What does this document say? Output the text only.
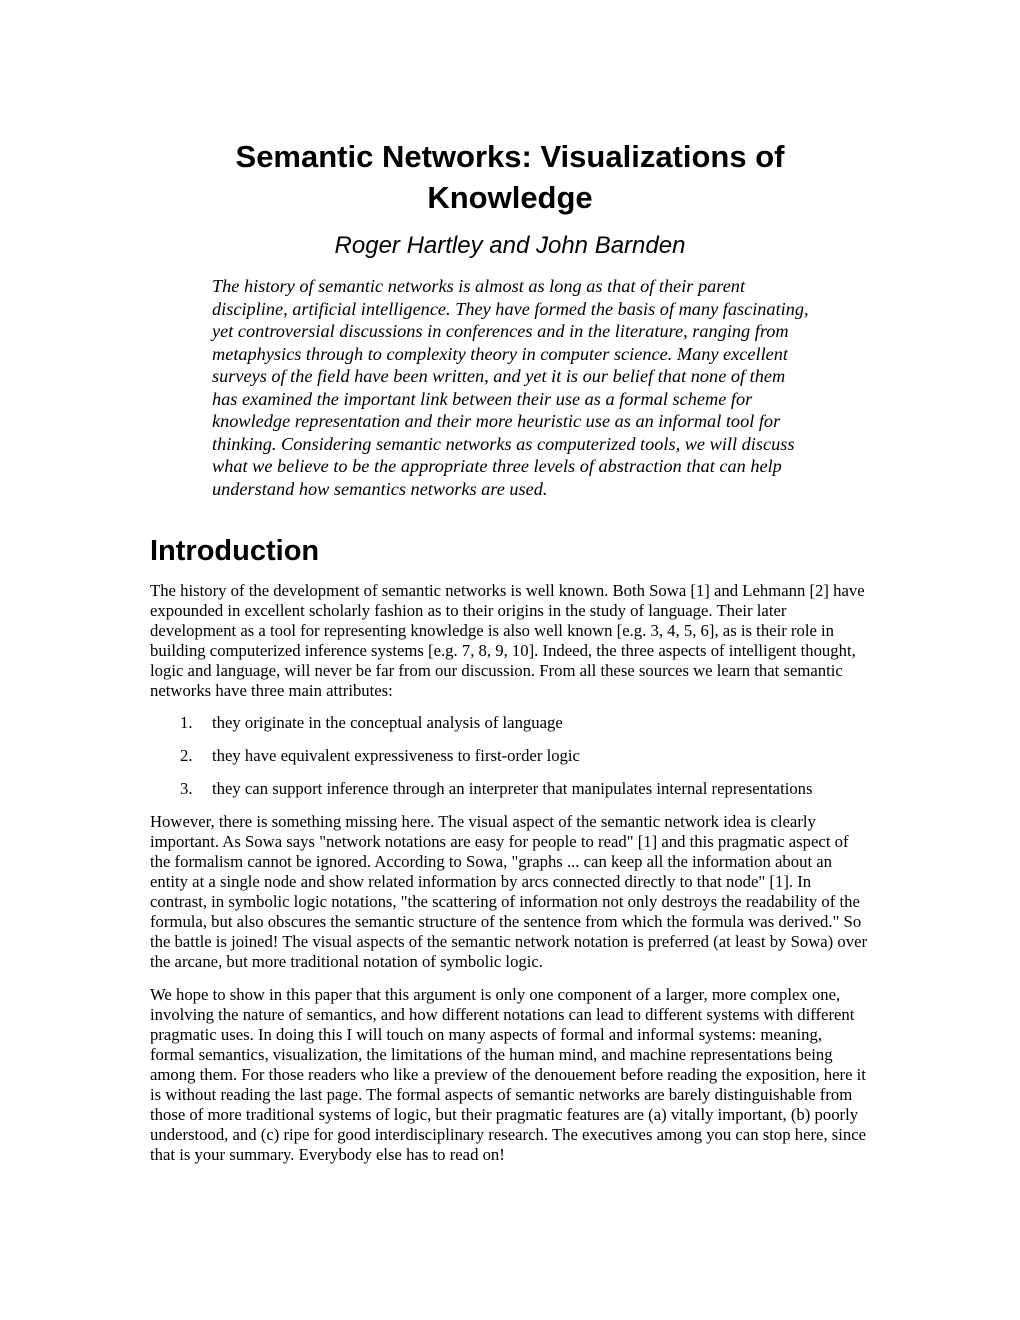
Semantic Networks: Visualizations of
Knowledge

Roger Hartley and John Barnden

The history of semantic networks is almost as long as that of their parent discipline, artificial intelligence. They have formed the basis of many fascinating, yet controversial discussions in conferences and in the literature, ranging from metaphysics through to complexity theory in computer science. Many excellent surveys of the field have been written, and yet it is our belief that none of them has examined the important link between their use as a formal scheme for knowledge representation and their more heuristic use as an informal tool for thinking. Considering semantic networks as computerized tools, we will discuss what we believe to be the appropriate three levels of abstraction that can help understand how semantics networks are used.

Introduction

The history of the development of semantic networks is well known. Both Sowa [1] and Lehmann [2] have expounded in excellent scholarly fashion as to their origins in the study of language. Their later development as a tool for representing knowledge is also well known [e.g. 3, 4, 5, 6], as is their role in building computerized inference systems [e.g. 7, 8, 9, 10]. Indeed, the three aspects of intelligent thought, logic and language, will never be far from our discussion. From all these sources we learn that semantic networks have three main attributes:

they originate in the conceptual analysis of language
they have equivalent expressiveness to first-order logic
they can support inference through an interpreter that manipulates internal representations

However, there is something missing here. The visual aspect of the semantic network idea is clearly important. As Sowa says "network notations are easy for people to read" [1] and this pragmatic aspect of the formalism cannot be ignored. According to Sowa, "graphs ... can keep all the information about an entity at a single node and show related information by arcs connected directly to that node" [1]. In contrast, in symbolic logic notations, "the scattering of information not only destroys the readability of the formula, but also obscures the semantic structure of the sentence from which the formula was derived." So the battle is joined! The visual aspects of the semantic network notation is preferred (at least by Sowa) over the arcane, but more traditional notation of symbolic logic.

We hope to show in this paper that this argument is only one component of a larger, more complex one, involving the nature of semantics, and how different notations can lead to different systems with different pragmatic uses. In doing this I will touch on many aspects of formal and informal systems: meaning, formal semantics, visualization, the limitations of the human mind, and machine representations being among them. For those readers who like a preview of the denouement before reading the exposition, here it is without reading the last page. The formal aspects of semantic networks are barely distinguishable from those of more traditional systems of logic, but their pragmatic features are (a) vitally important, (b) poorly understood, and (c) ripe for good interdisciplinary research. The executives among you can stop here, since that is your summary. Everybody else has to read on!
